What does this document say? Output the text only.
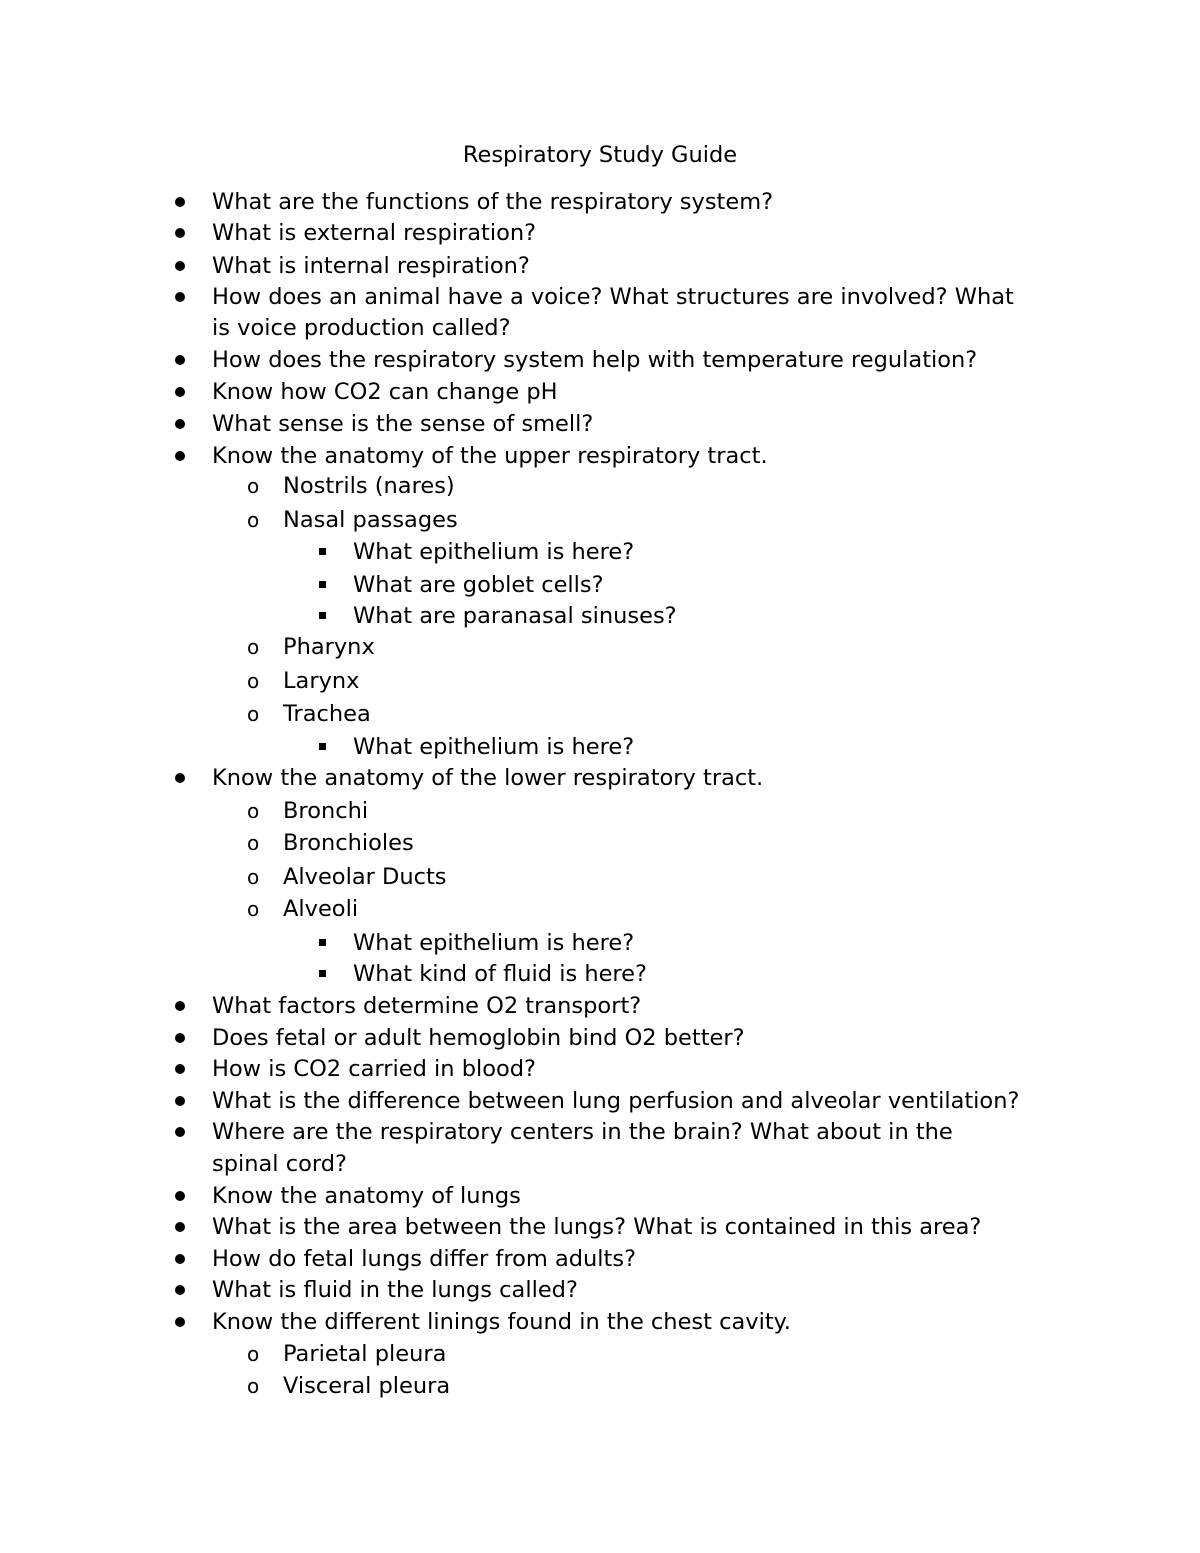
Respiratory Study Guide
What are the functions of the respiratory system?
What is external respiration?
What is internal respiration?
How does an animal have a voice? What structures are involved? What
is voice production called?
How does the respiratory system help with temperature regulation?
Know how CO2 can change pH
What sense is the sense of smell?
Know the anatomy of the upper respiratory tract.
o Nostrils (nares)
o Nasal passages
What epithelium is here?
What are goblet cells?
What are paranasal sinuses?
o Pharynx
o Larynx
o Trachea
What epithelium is here?
Know the anatomy of the lower respiratory tract.
o Bronchi
o Bronchioles
o Alveolar Ducts
o Alveoli
What epithelium is here?
What kind of fluid is here?
What factors determine O2 transport?
Does fetal or adult hemoglobin bind O2 better?
How is CO2 carried in blood?
What is the difference between lung perfusion and alveolar ventilation?
Where are the respiratory centers in the brain? What about in the
spinal cord?
Know the anatomy of lungs
What is the area between the lungs? What is contained in this area?
How do fetal lungs differ from adults?
What is fluid in the lungs called?
Know the different linings found in the chest cavity.
o Parietal pleura
o Visceral pleura
